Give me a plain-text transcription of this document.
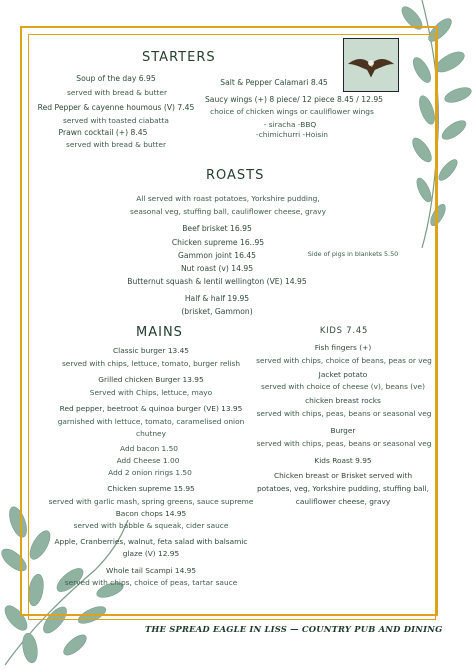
STARTERS
Soup of the day 6.95
served with bread & butter
Red Pepper & cayenne houmous (V) 7.45
served with toasted ciabatta
Prawn cocktail (+) 8.45
served with bread & butter
Salt & Pepper Calamari 8.45
Saucy wings (+) 8 piece/ 12 piece 8.45 / 12.95
choice of chicken wings or cauliflower wings
- siracha -BBQ
-chimichurri -Hoisin
ROASTS
All served with roast potatoes, Yorkshire pudding,
seasonal veg, stuffing ball, cauliflower cheese, gravy
Beef brisket 16.95
Chicken supreme 16..95
Gammon joint 16.45
Nut roast (v) 14.95
Butternut squash & lentil wellington (VE) 14.95
Side of pigs in blankets 5.50
Half & half 19.95
(brisket, Gammon)
MAINS
Classic burger 13.45
served with chips, lettuce, tomato, burger relish
Grilled chicken Burger 13.95
Served with Chips, lettuce, mayo
Red pepper, beetroot & quinoa burger (VE) 13.95
garnished with lettuce, tomato, caramelised onion
chutney
Add bacon 1.50
Add Cheese 1.00
Add 2 onion rings 1.50
Chicken supreme 15.95
served with garlic mash, spring greens, sauce supreme
Bacon chops 14.95
served with babble & squeak, cider sauce
Apple, Cranberries, walnut, feta salad with balsamic
glaze (V) 12.95
Whole tail Scampi 14.95
served with chips, choice of peas, tartar sauce
KIDS 7.45
Fish fingers (+)
served with chips, choice of beans, peas or veg
Jacket potato
served with choice of cheese (v), beans (ve)
chicken breast rocks
served with chips, peas, beans or seasonal veg
Burger
served with chips, peas, beans or seasonal veg
Kids Roast 9.95
Chicken breast or Brisket served with
potatoes, veg, Yorkshire pudding, stuffing ball,
cauliflower cheese, gravy
THE SPREAD EAGLE IN LISS — COUNTRY PUB AND DINING
